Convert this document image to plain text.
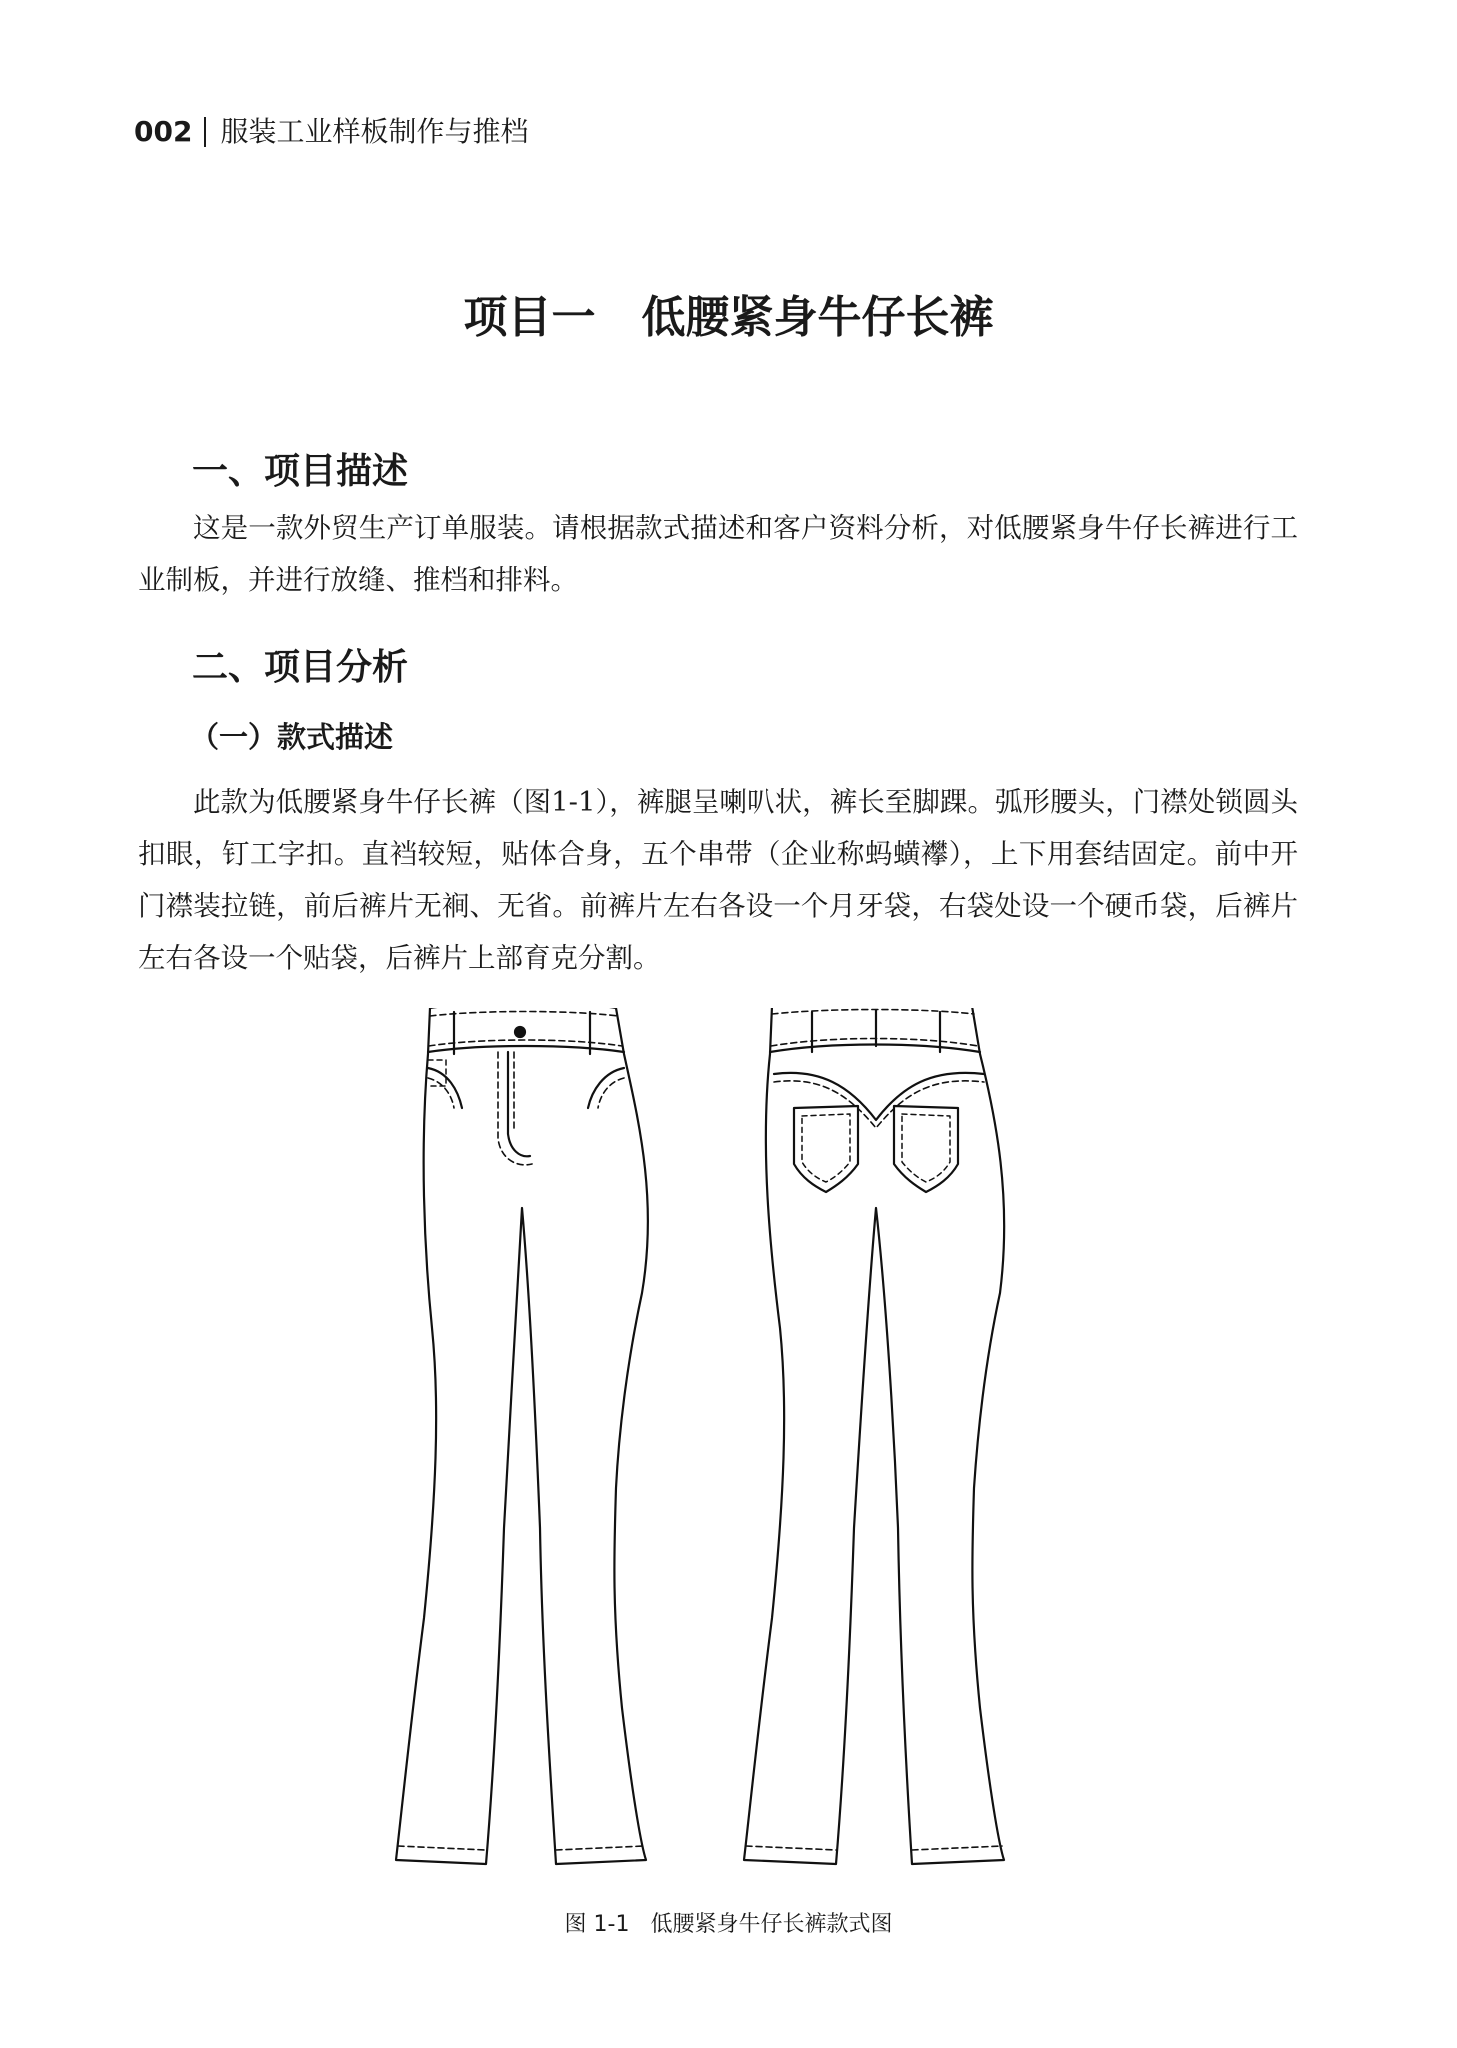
002 服装工业样板制作与推档
项目一   低腰紧身牛仔长裤
一、项目描述

这是一款外贸生产订单服装。请根据款式描述和客户资料分析，对低腰紧身牛仔长裤进行工业制板，并进行放缝、推档和排料。

二、项目分析
（一）款式描述

此款为低腰紧身牛仔长裤（图1-1），裤腿呈喇叭状，裤长至脚踝。弧形腰头，门襟处锁圆头扣眼，钉工字扣。直裆较短，贴体合身，五个串带（企业称蚂蟥襻），上下用套结固定。前中开门襟装拉链，前后裤片无裥、无省。前裤片左右各设一个月牙袋，右袋处设一个硬币袋，后裤片左右各设一个贴袋，后裤片上部育克分割。

图 1-1   低腰紧身牛仔长裤款式图
